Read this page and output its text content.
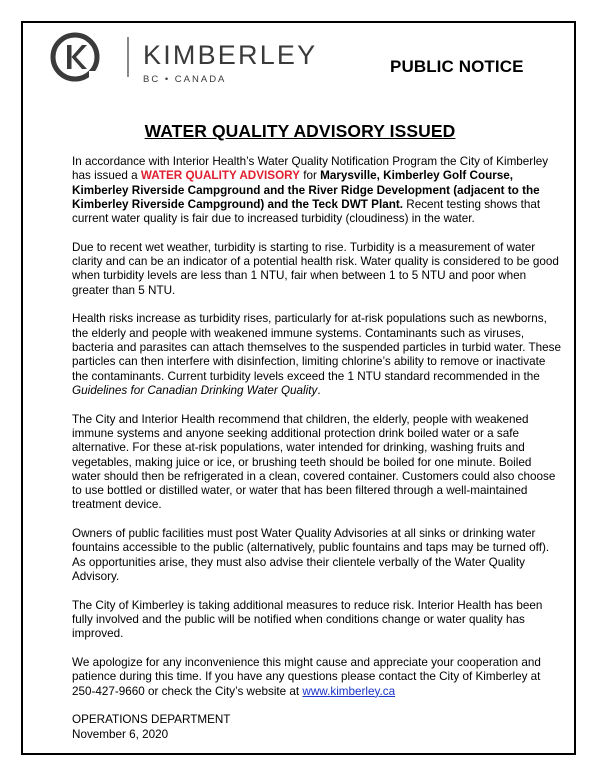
KIMBERLEY
BC • CANADA
PUBLIC NOTICE
WATER QUALITY ADVISORY ISSUED

In accordance with Interior Health’s Water Quality Notification Program the City of Kimberley has issued a WATER QUALITY ADVISORY for Marysville, Kimberley Golf Course, Kimberley Riverside Campground and the River Ridge Development (adjacent to the Kimberley Riverside Campground) and the Teck DWT Plant. Recent testing shows that current water quality is fair due to increased turbidity (cloudiness) in the water.

Due to recent wet weather, turbidity is starting to rise. Turbidity is a measurement of water clarity and can be an indicator of a potential health risk. Water quality is considered to be good when turbidity levels are less than 1 NTU, fair when between 1 to 5 NTU and poor when greater than 5 NTU.

Health risks increase as turbidity rises, particularly for at-risk populations such as newborns, the elderly and people with weakened immune systems. Contaminants such as viruses, bacteria and parasites can attach themselves to the suspended particles in turbid water. These particles can then interfere with disinfection, limiting chlorine’s ability to remove or inactivate the contaminants. Current turbidity levels exceed the 1 NTU standard recommended in the Guidelines for Canadian Drinking Water Quality.

The City and Interior Health recommend that children, the elderly, people with weakened immune systems and anyone seeking additional protection drink boiled water or a safe alternative. For these at-risk populations, water intended for drinking, washing fruits and vegetables, making juice or ice, or brushing teeth should be boiled for one minute. Boiled water should then be refrigerated in a clean, covered container. Customers could also choose to use bottled or distilled water, or water that has been filtered through a well-maintained treatment device.

Owners of public facilities must post Water Quality Advisories at all sinks or drinking water fountains accessible to the public (alternatively, public fountains and taps may be turned off). As opportunities arise, they must also advise their clientele verbally of the Water Quality Advisory.

The City of Kimberley is taking additional measures to reduce risk. Interior Health has been fully involved and the public will be notified when conditions change or water quality has improved.

We apologize for any inconvenience this might cause and appreciate your cooperation and patience during this time. If you have any questions please contact the City of Kimberley at 250-427-9660 or check the City’s website at www.kimberley.ca

OPERATIONS DEPARTMENT
November 6, 2020
